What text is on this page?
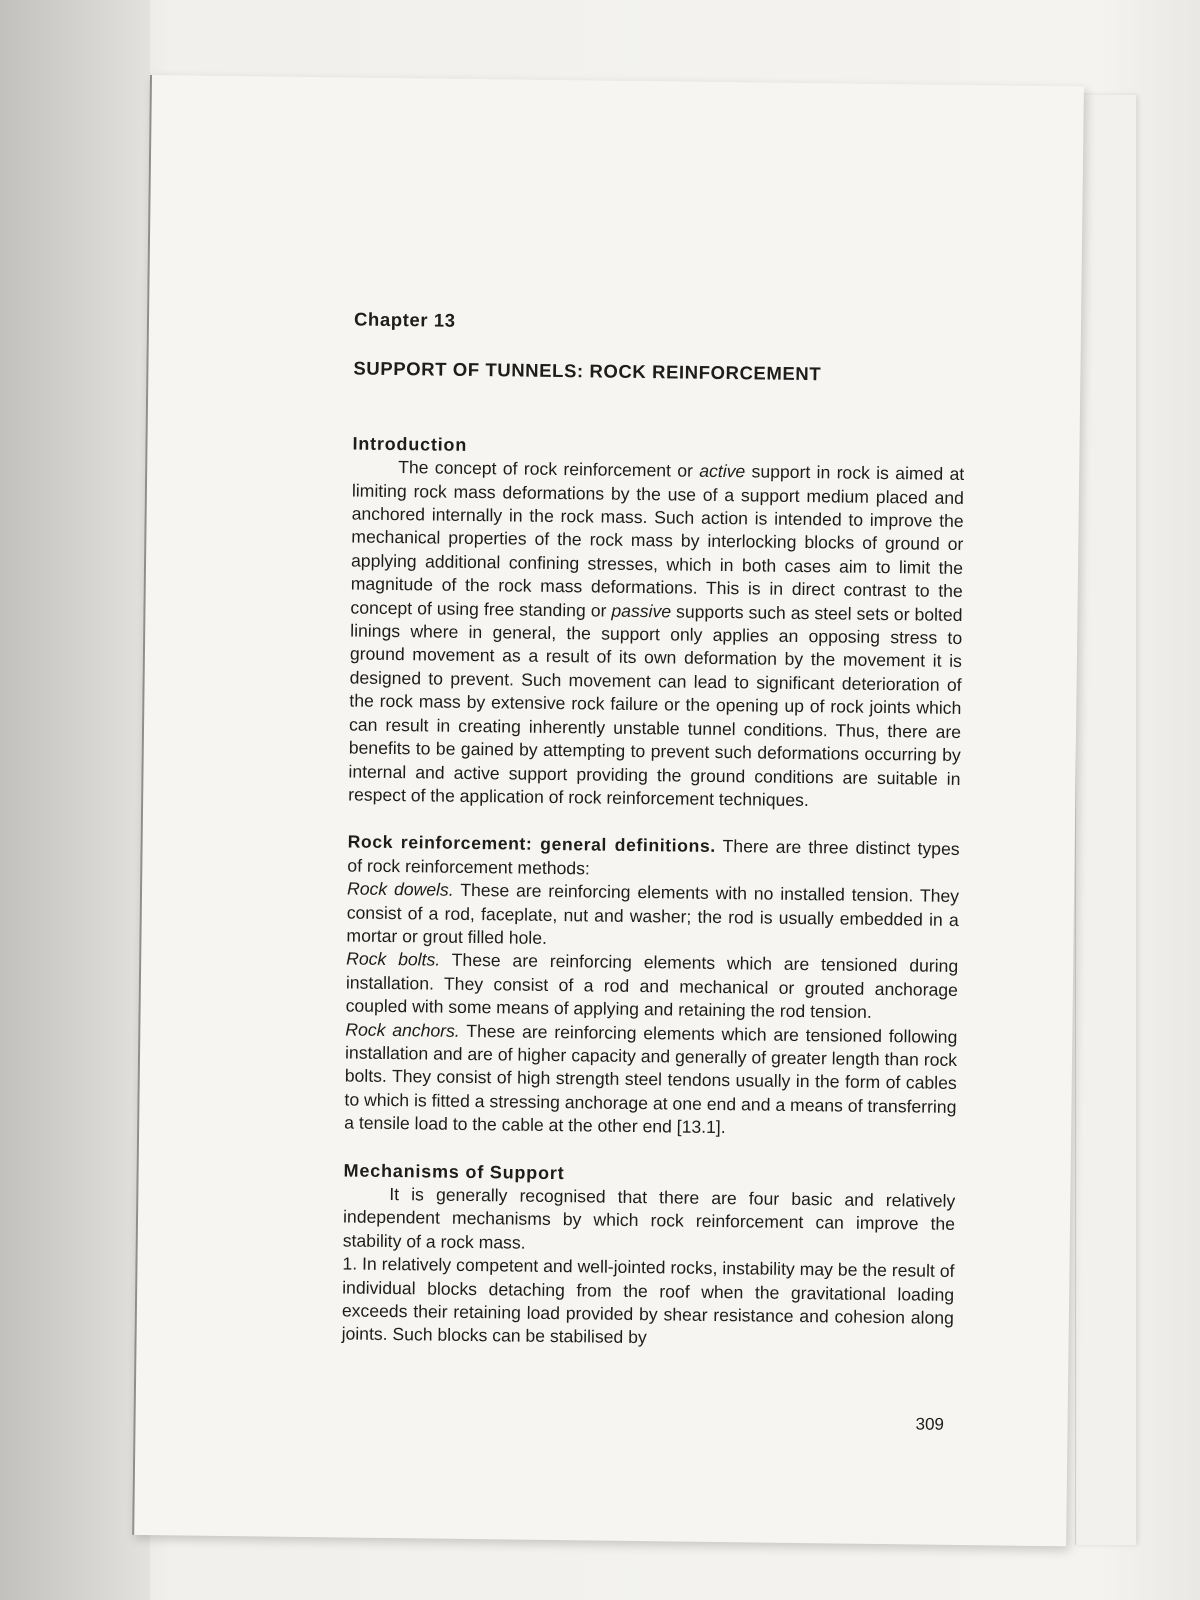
Chapter 13
SUPPORT OF TUNNELS: ROCK REINFORCEMENT
Introduction

The concept of rock reinforcement or active support in rock is aimed at limiting rock mass deformations by the use of a support medium placed and anchored internally in the rock mass. Such action is intended to improve the mechanical properties of the rock mass by interlocking blocks of ground or applying additional confining stresses, which in both cases aim to limit the magnitude of the rock mass deformations. This is in direct contrast to the concept of using free standing or passive supports such as steel sets or bolted linings where in general, the support only applies an opposing stress to ground movement as a result of its own deformation by the movement it is designed to prevent. Such movement can lead to significant deterioration of the rock mass by extensive rock failure or the opening up of rock joints which can result in creating inherently unstable tunnel conditions. Thus, there are benefits to be gained by attempting to prevent such deformations occurring by internal and active support providing the ground conditions are suitable in respect of the application of rock reinforcement techniques.

Rock reinforcement: general definitions. There are three distinct types of rock reinforcement methods:

Rock dowels. These are reinforcing elements with no installed tension. They consist of a rod, faceplate, nut and washer; the rod is usually embedded in a mortar or grout filled hole.

Rock bolts. These are reinforcing elements which are tensioned during installation. They consist of a rod and mechanical or grouted anchorage coupled with some means of applying and retaining the rod tension.

Rock anchors. These are reinforcing elements which are tensioned following installation and are of higher capacity and generally of greater length than rock bolts. They consist of high strength steel tendons usually in the form of cables to which is fitted a stressing anchorage at one end and a means of transferring a tensile load to the cable at the other end [13.1].

Mechanisms of Support

It is generally recognised that there are four basic and relatively independent mechanisms by which rock reinforcement can improve the stability of a rock mass.

1. In relatively competent and well-jointed rocks, instability may be the result of individual blocks detaching from the roof when the gravitational loading exceeds their retaining load provided by shear resistance and cohesion along joints. Such blocks can be stabilised by

309
